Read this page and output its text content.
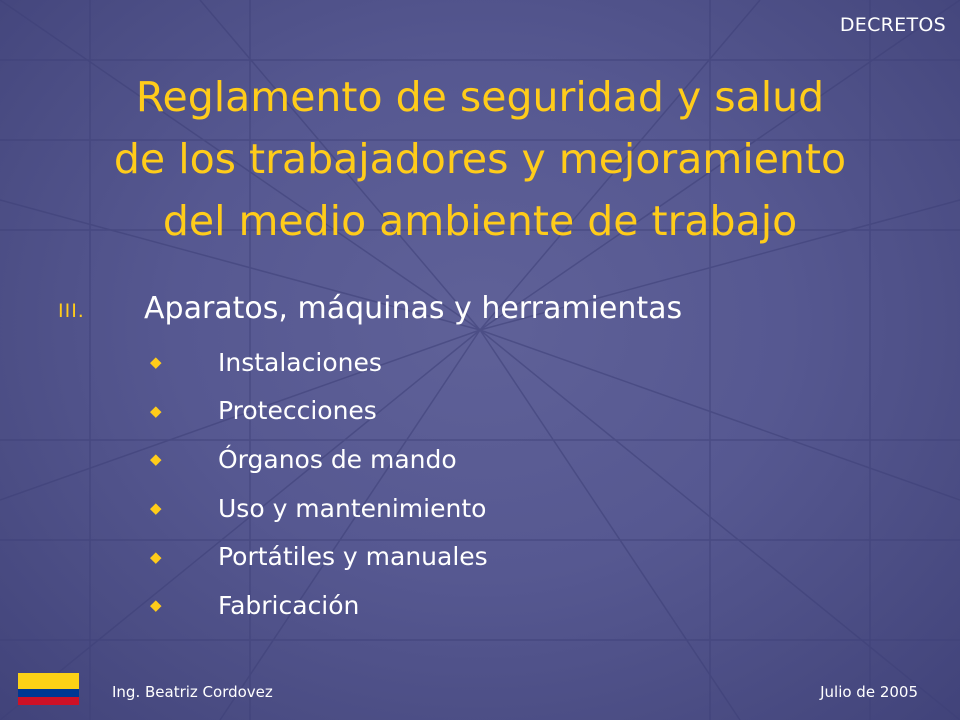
DECRETOS
Reglamento de seguridad y salud
de los trabajadores y mejoramiento
del medio ambiente de trabajo
III.	Aparatos, máquinas y herramientas
◆	Instalaciones
◆	Protecciones
◆	Órganos de mando
◆	Uso y mantenimiento
◆	Portátiles y manuales
◆	Fabricación
Ing. Beatriz Cordovez	Julio de 2005
